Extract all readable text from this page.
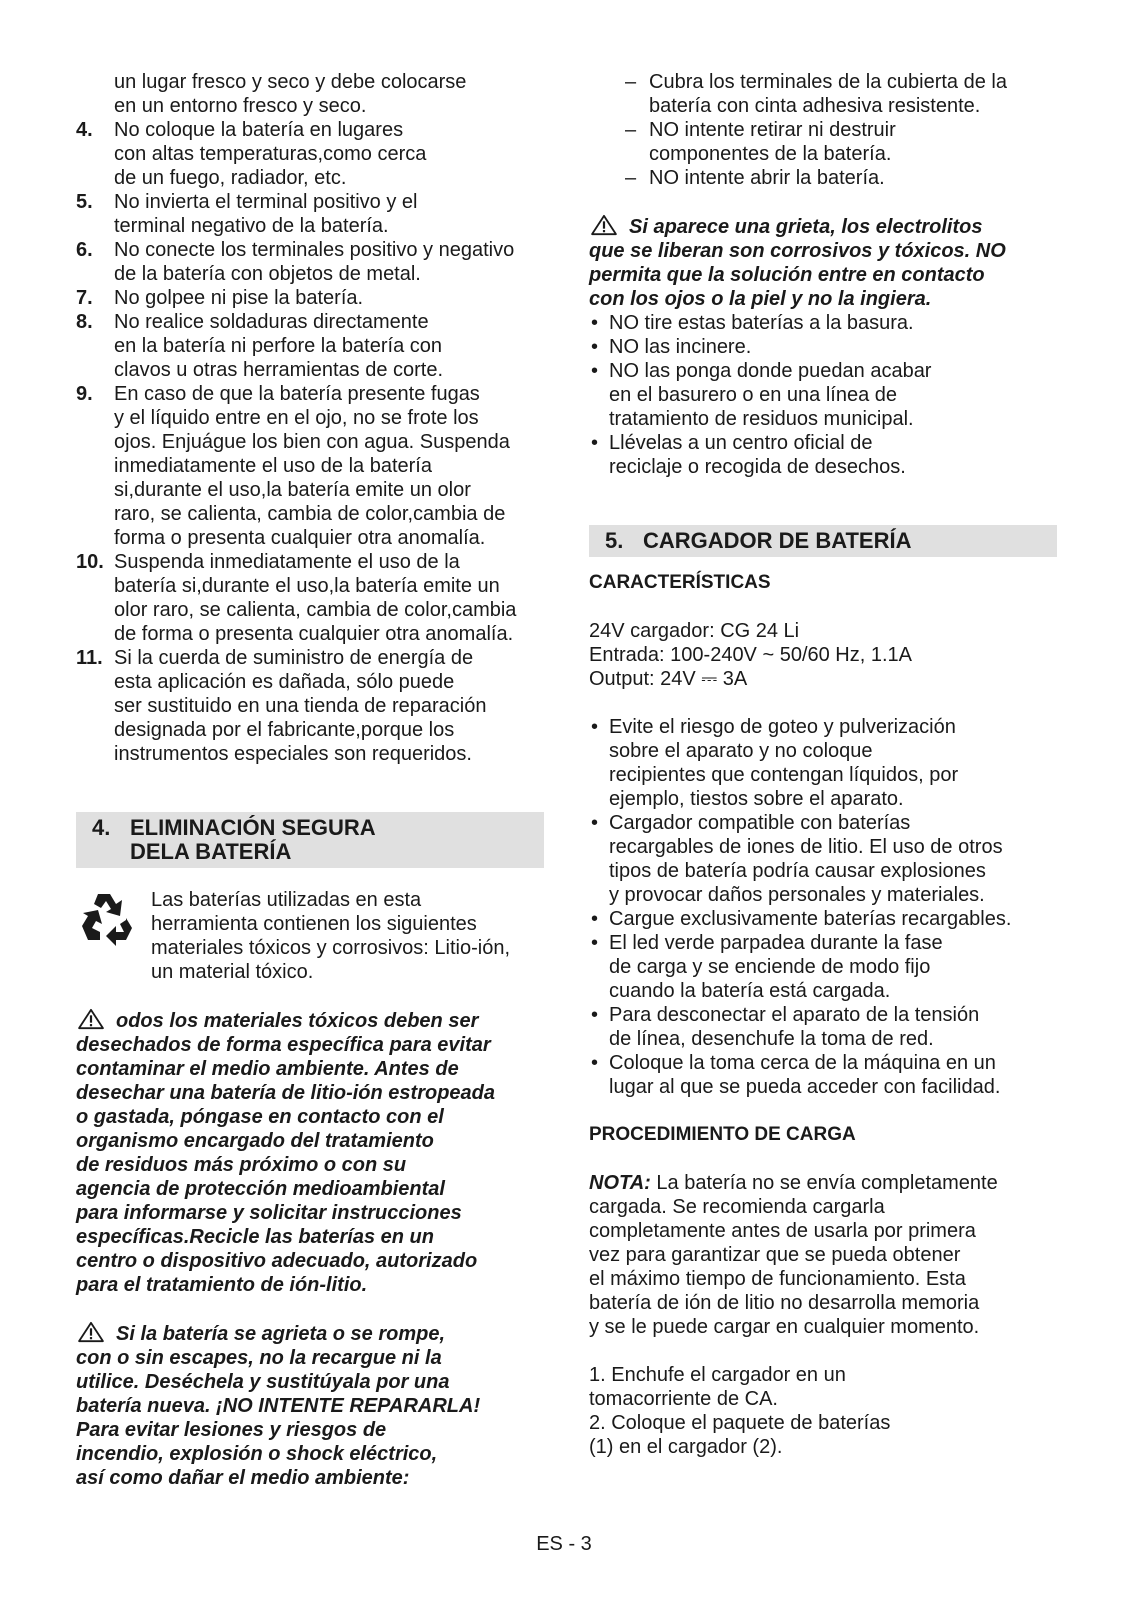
un lugar fresco y seco y debe colocarse
en un entorno fresco y seco.
4. No coloque la batería en lugares
con altas temperaturas,como cerca
de un fuego, radiador, etc.
5. No invierta el terminal positivo y el
terminal negativo de la batería.
6. No conecte los terminales positivo y negativo
de la batería con objetos de metal.
7. No golpee ni pise la batería.
8. No realice soldaduras directamente
en la batería ni perfore la batería con
clavos u otras herramientas de corte.
9. En caso de que la batería presente fugas
y el líquido entre en el ojo, no se frote los
ojos. Enjuágue los bien con agua. Suspenda
inmediatamente el uso de la batería
si,durante el uso,la batería emite un olor
raro, se calienta, cambia de color,cambia de
forma o presenta cualquier otra anomalía.
10. Suspenda inmediatamente el uso de la
batería si,durante el uso,la batería emite un
olor raro, se calienta, cambia de color,cambia
de forma o presenta cualquier otra anomalía.
11. Si la cuerda de suministro de energía de
esta aplicación es dañada, sólo puede
ser sustituido en una tienda de reparación
designada por el fabricante,porque los
instrumentos especiales son requeridos.
4. ELIMINACIÓN SEGURA
DELA BATERÍA
Las baterías utilizadas en esta
herramienta contienen los siguientes
materiales tóxicos y corrosivos: Litio-ión,
un material tóxico.
odos los materiales tóxicos deben ser
desechados de forma específica para evitar
contaminar el medio ambiente. Antes de
desechar una batería de litio-ión estropeada
o gastada, póngase en contacto con el
organismo encargado del tratamiento
de residuos más próximo o con su
agencia de protección medioambiental
para informarse y solicitar instrucciones
específicas.Recicle las baterías en un
centro o dispositivo adecuado, autorizado
para el tratamiento de ión-litio.
Si la batería se agrieta o se rompe,
con o sin escapes, no la recargue ni la
utilice. Deséchela y sustitúyala por una
batería nueva. ¡NO INTENTE REPARARLA!
Para evitar lesiones y riesgos de
incendio, explosión o shock eléctrico,
así como dañar el medio ambiente:
– Cubra los terminales de la cubierta de la
batería con cinta adhesiva resistente.
– NO intente retirar ni destruir
componentes de la batería.
– NO intente abrir la batería.
Si aparece una grieta, los electrolitos
que se liberan son corrosivos y tóxicos. NO
permita que la solución entre en contacto
con los ojos o la piel y no la ingiera.
• NO tire estas baterías a la basura.
• NO las incinere.
• NO las ponga donde puedan acabar
en el basurero o en una línea de
tratamiento de residuos municipal.
• Llévelas a un centro oficial de
reciclaje o recogida de desechos.
5. CARGADOR DE BATERÍA
CARACTERÍSTICAS
24V cargador: CG 24 Li
Entrada: 100-240V ~ 50/60 Hz, 1.1A
Output: 24V ⎓ 3A
• Evite el riesgo de goteo y pulverización
sobre el aparato y no coloque
recipientes que contengan líquidos, por
ejemplo, tiestos sobre el aparato.
• Cargador compatible con baterías
recargables de iones de litio. El uso de otros
tipos de batería podría causar explosiones
y provocar daños personales y materiales.
• Cargue exclusivamente baterías recargables.
• El led verde parpadea durante la fase
de carga y se enciende de modo fijo
cuando la batería está cargada.
• Para desconectar el aparato de la tensión
de línea, desenchufe la toma de red.
• Coloque la toma cerca de la máquina en un
lugar al que se pueda acceder con facilidad.
PROCEDIMIENTO DE CARGA
NOTA: La batería no se envía completamente
cargada. Se recomienda cargarla
completamente antes de usarla por primera
vez para garantizar que se pueda obtener
el máximo tiempo de funcionamiento. Esta
batería de ión de litio no desarrolla memoria
y se le puede cargar en cualquier momento.
1. Enchufe el cargador en un
tomacorriente de CA.
2. Coloque el paquete de baterías
(1) en el cargador (2).
ES - 3
